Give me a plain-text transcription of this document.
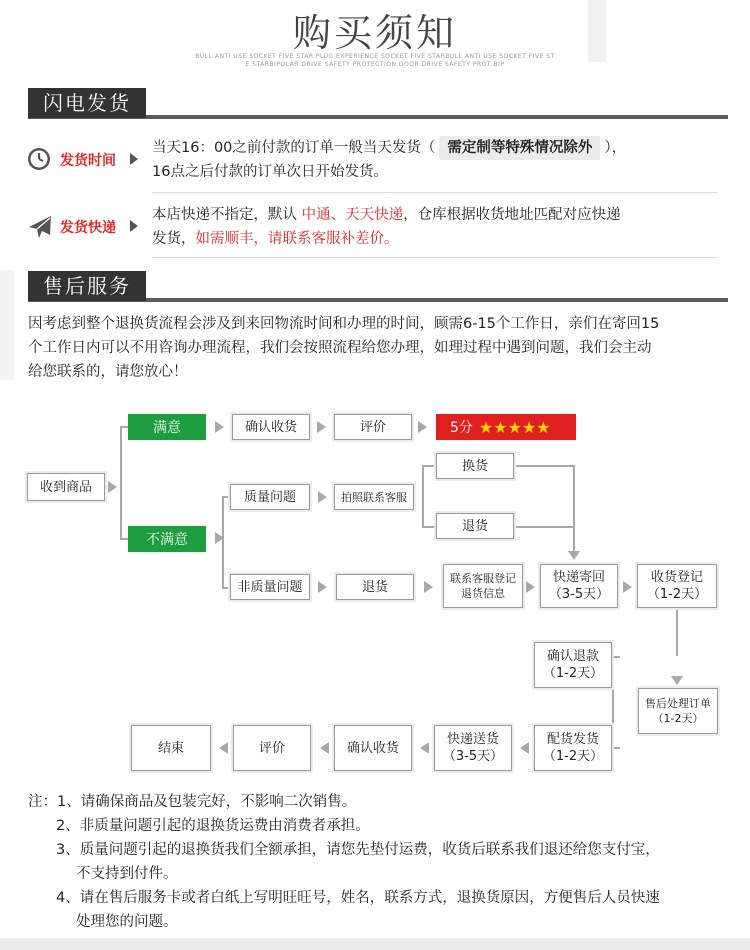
购买须知
BULL ANTI USE SOCKET FIVE STAR PLUG EXPERIENCE SOCKET FIVE STARBULL ANTI USE SOCKET FIVE ST
E STARBIPOLAR DRIVE SAFETY PROTECTION DOOR DRIVE SAFETY PROT BIP
闪电发货
发货时间
当天16：00之前付款的订单一般当天发货（ 需定制等特殊情况除外 ），
16点之后付款的订单次日开始发货。
发货快递
本店快递不指定，默认 中通、天天快递，仓库根据收货地址匹配对应快递
发货，如需顺丰，请联系客服补差价。
售后服务
因考虑到整个退换货流程会涉及到来回物流时间和办理的时间，顾需6-15个工作日，亲们在寄回15
个工作日内可以不用咨询办理流程，我们会按照流程给您办理，如理过程中遇到问题，我们会主动
给您联系的，请您放心！
收到商品
满意	确认收货	评价	5分 ★★★★★
不满意
质量问题	拍照联系客服
换货
退货
非质量问题	退货
联系客服登记
退货信息
快递寄回
（3-5天）
收货登记
（1-2天）
确认退款
（1-2天）
售后处理订单
（1-2天）
配货发货
（1-2天）
快递送货
（3-5天）
确认收货
评价
结束
注：1、请确保商品及包装完好，不影响二次销售。
2、非质量问题引起的退换货运费由消费者承担。
3、质量问题引起的退换货我们全额承担，请您先垫付运费，收货后联系我们退还给您支付宝，
不支持到付件。
4、请在售后服务卡或者白纸上写明旺旺号，姓名，联系方式，退换货原因，方便售后人员快速
处理您的问题。
